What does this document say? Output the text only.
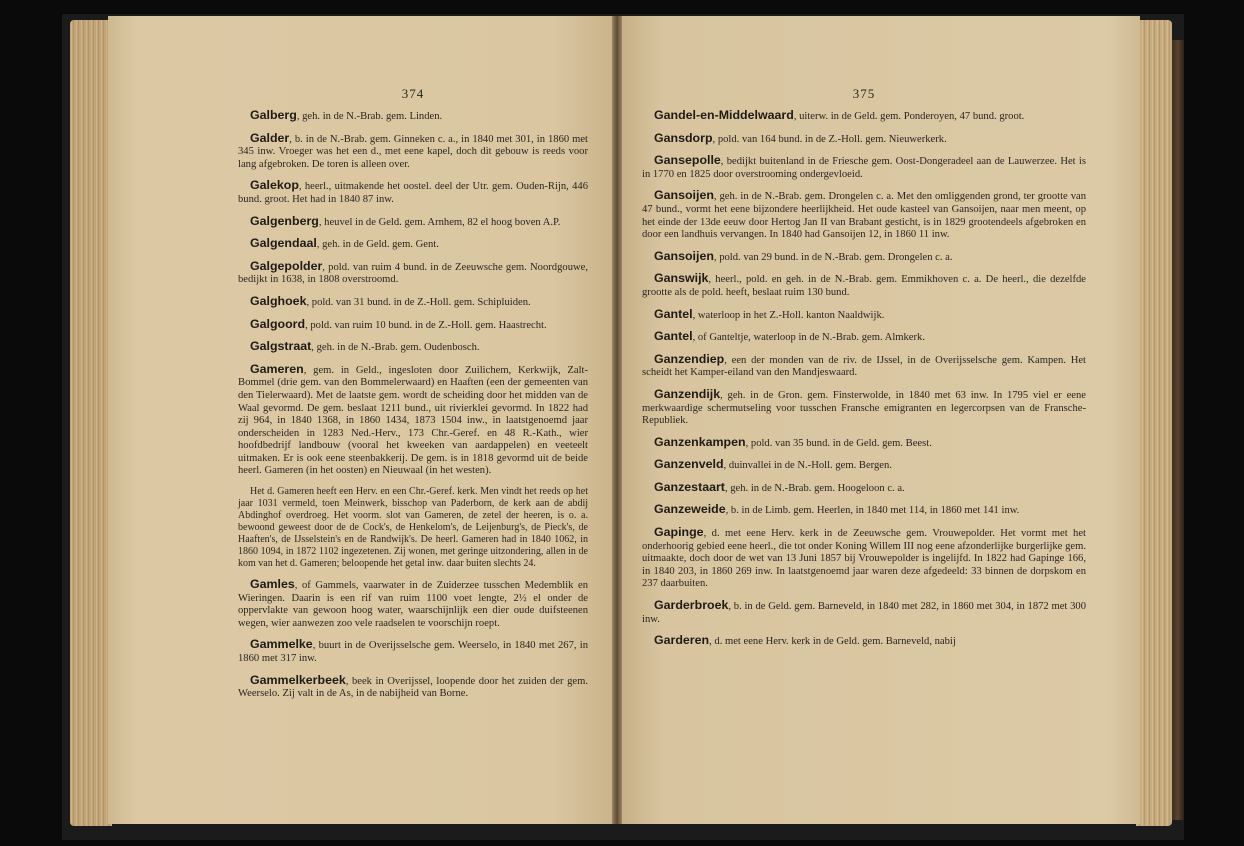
374

Galberg, geh. in de N.-Brab. gem. Linden.

Galder, b. in de N.-Brab. gem. Ginneken c. a., in 1840 met 301, in 1860 met 345 inw. Vroeger was het een d., met eene kapel, doch dit gebouw is reeds voor lang afgebroken. De toren is alleen over.

Galekop, heerl., uitmakende het oostel. deel der Utr. gem. Ouden-Rijn, 446 bund. groot. Het had in 1840 87 inw.

Galgenberg, heuvel in de Geld. gem. Arnhem, 82 el hoog boven A.P.

Galgendaal, geh. in de Geld. gem. Gent.

Galgepolder, pold. van ruim 4 bund. in de Zeeuwsche gem. Noordgouwe, bedijkt in 1638, in 1808 overstroomd.

Galghoek, pold. van 31 bund. in de Z.-Holl. gem. Schipluiden.

Galgoord, pold. van ruim 10 bund. in de Z.-Holl. gem. Haastrecht.

Galgstraat, geh. in de N.-Brab. gem. Oudenbosch.

Gameren, gem. in Geld., ingesloten door Zuilichem, Kerkwijk, Zalt-Bommel (drie gem. van den Bommelerwaard) en Haaften (een der gemeenten van den Tielerwaard). Met de laatste gem. wordt de scheiding door het midden van de Waal gevormd. De gem. beslaat 1211 bund., uit rivierklei gevormd. In 1822 had zij 964, in 1840 1368, in 1860 1434, 1873 1504 inw., in laatstgenoemd jaar onderscheiden in 1283 Ned.-Herv., 173 Chr.-Geref. en 48 R.-Kath., wier hoofdbedrijf landbouw (vooral het kweeken van aardappelen) en veeteelt uitmaken. Er is ook eene steenbakkerij. De gem. is in 1818 gevormd uit de beide heerl. Gameren (in het oosten) en Nieuwaal (in het westen).

Het d. Gameren heeft een Herv. en een Chr.-Geref. kerk. Men vindt het reeds op het jaar 1031 vermeld, toen Meinwerk, bisschop van Paderborn, de kerk aan de abdij Abdinghof overdroeg. Het voorm. slot van Gameren, de zetel der heeren, is o. a. bewoond geweest door de de Cock's, de Henkelom's, de Leijenburg's, de Pieck's, de Haaften's, de IJsselstein's en de Randwijk's. De heerl. Gameren had in 1840 1062, in 1860 1094, in 1872 1102 ingezetenen. Zij wonen, met geringe uitzondering, allen in de kom van het d. Gameren; beloopende het getal inw. daar buiten slechts 24.

Gamles, of Gammels, vaarwater in de Zuiderzee tusschen Medemblik en Wieringen. Daarin is een rif van ruim 1100 voet lengte, 2½ el onder de oppervlakte van gewoon hoog water, waarschijnlijk een dier oude duifsteenen wegen, wier aanwezen zoo vele raadselen te voorschijn roept.

Gammelke, buurt in de Overijsselsche gem. Weerselo, in 1840 met 267, in 1860 met 317 inw.

Gammelkerbeek, beek in Overijssel, loopende door het zuiden der gem. Weerselo. Zij valt in de As, in de nabijheid van Borne.

375

Gandel-en-Middelwaard, uiterw. in de Geld. gem. Ponderoyen, 47 bund. groot.

Gansdorp, pold. van 164 bund. in de Z.-Holl. gem. Nieuwerkerk.

Gansepolle, bedijkt buitenland in de Friesche gem. Oost-Dongeradeel aan de Lauwerzee. Het is in 1770 en 1825 door overstrooming ondergevloeid.

Gansoijen, geh. in de N.-Brab. gem. Drongelen c. a. Met den omliggenden grond, ter grootte van 47 bund., vormt het eene bijzondere heerlijkheid. Het oude kasteel van Gansoijen, naar men meent, op het einde der 13de eeuw door Hertog Jan II van Brabant gesticht, is in 1829 grootendeels afgebroken en door een landhuis vervangen. In 1840 had Gansoijen 12, in 1860 11 inw.

Gansoijen, pold. van 29 bund. in de N.-Brab. gem. Drongelen c. a.

Ganswijk, heerl., pold. en geh. in de N.-Brab. gem. Emmikhoven c. a. De heerl., die dezelfde grootte als de pold. heeft, beslaat ruim 130 bund.

Gantel, waterloop in het Z.-Holl. kanton Naaldwijk.

Gantel, of Ganteltje, waterloop in de N.-Brab. gem. Almkerk.

Ganzendiep, een der monden van de riv. de IJssel, in de Overijsselsche gem. Kampen. Het scheidt het Kamper-eiland van den Mandjeswaard.

Ganzendijk, geh. in de Gron. gem. Finsterwolde, in 1840 met 63 inw. In 1795 viel er eene merkwaardige schermutseling voor tusschen Fransche emigranten en legercorpsen van de Fransche-Republiek.

Ganzenkampen, pold. van 35 bund. in de Geld. gem. Beest.

Ganzenveld, duinvallei in de N.-Holl. gem. Bergen.

Ganzestaart, geh. in de N.-Brab. gem. Hoogeloon c. a.

Ganzeweide, b. in de Limb. gem. Heerlen, in 1840 met 114, in 1860 met 141 inw.

Gapinge, d. met eene Herv. kerk in de Zeeuwsche gem. Vrouwepolder. Het vormt met het onderhoorig gebied eene heerl., die tot onder Koning Willem III nog eene afzonderlijke burgerlijke gem. uitmaakte, doch door de wet van 13 Juni 1857 bij Vrouwepolder is ingelijfd. In 1822 had Gapinge 166, in 1840 203, in 1860 269 inw. In laatstgenoemd jaar waren deze afgedeeld: 33 binnen de dorpskom en 237 daarbuiten.

Garderbroek, b. in de Geld. gem. Barneveld, in 1840 met 282, in 1860 met 304, in 1872 met 300 inw.

Garderen, d. met eene Herv. kerk in de Geld. gem. Barneveld, nabij
